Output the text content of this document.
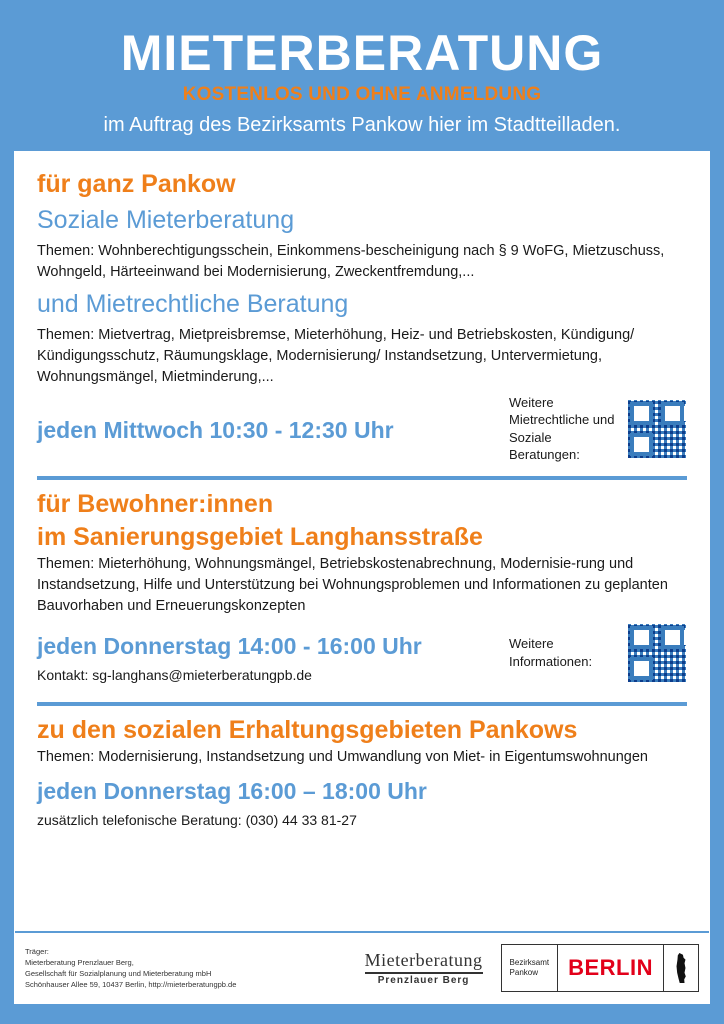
MIETERBERATUNG
KOSTENLOS UND OHNE ANMELDUNG
im Auftrag des Bezirksamts Pankow hier im Stadtteilladen.
für ganz Pankow
Soziale Mieterberatung
Themen: Wohnberechtigungsschein, Einkommens-bescheinigung nach § 9 WoFG, Mietzuschuss, Wohngeld, Härteeinwand bei Modernisierung, Zweckentfremdung,...
und Mietrechtliche Beratung
Themen: Mietvertrag, Mietpreisbremse, Mieterhöhung, Heiz- und Betriebskosten, Kündigung/ Kündigungsschutz, Räumungsklage, Modernisierung/ Instandsetzung, Untervermietung, Wohnungsmängel, Mietminderung,...
jeden Mittwoch 10:30 - 12:30 Uhr
Weitere Mietrechtliche und Soziale Beratungen:
für Bewohner:innen
im Sanierungsgebiet Langhansstraße
Themen: Mieterhöhung, Wohnungsmängel, Betriebskostenabrechnung, Modernisie-rung und Instandsetzung, Hilfe und Unterstützung bei Wohnungsproblemen und Informationen zu geplanten Bauvorhaben und Erneuerungskonzepten
jeden Donnerstag 14:00 - 16:00 Uhr
Kontakt: sg-langhans@mieterberatungpb.de
Weitere Informationen:
zu den sozialen Erhaltungsgebieten Pankows
Themen: Modernisierung, Instandsetzung und Umwandlung von Miet- in Eigentumswohnungen
jeden Donnerstag 16:00 – 18:00 Uhr
zusätzlich telefonische Beratung: (030) 44 33 81-27
Träger:
Mieterberatung Prenzlauer Berg,
Gesellschaft für Sozialplanung und Mieterberatung mbH
Schönhauser Allee 59, 10437 Berlin, http://mieterberatungpb.de
Mieterberatung
Prenzlauer Berg
Bezirksamt
Pankow	BERLIN
